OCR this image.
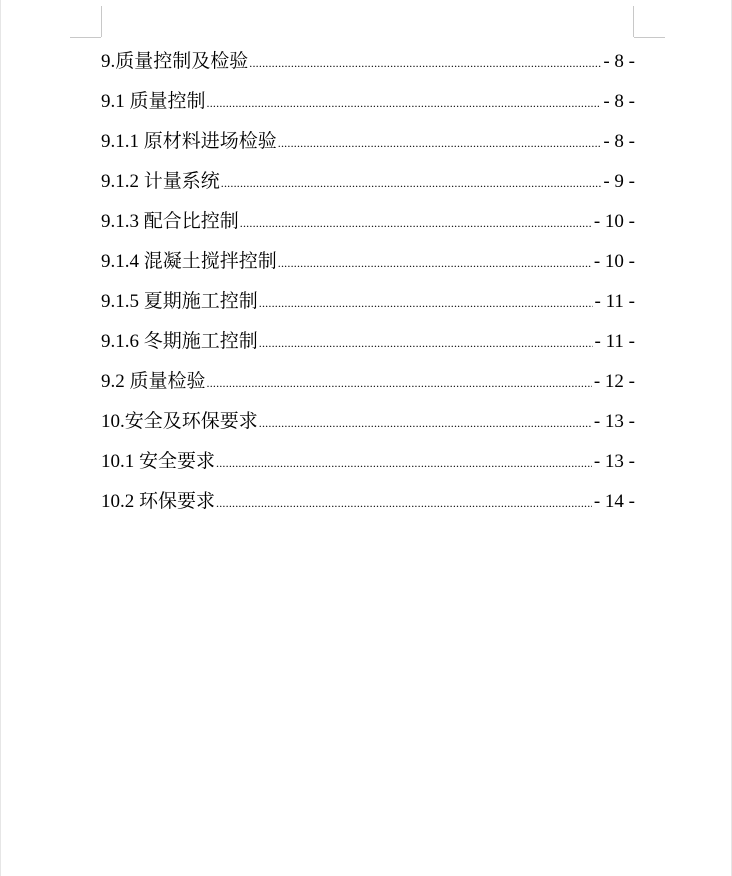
9.质量控制及检验 .....	- 8 -
9.1 质量控制 .....	- 8 -
9.1.1 原材料进场检验 .....	- 8 -
9.1.2 计量系统 .....	- 9 -
9.1.3 配合比控制 .....	- 10 -
9.1.4 混凝土搅拌控制 .....	- 10 -
9.1.5 夏期施工控制 .....	- 11 -
9.1.6 冬期施工控制 .....	- 11 -
9.2 质量检验 .....	- 12 -
10.安全及环保要求 .....	- 13 -
10.1 安全要求 .....	- 13 -
10.2 环保要求 .....	- 14 -
